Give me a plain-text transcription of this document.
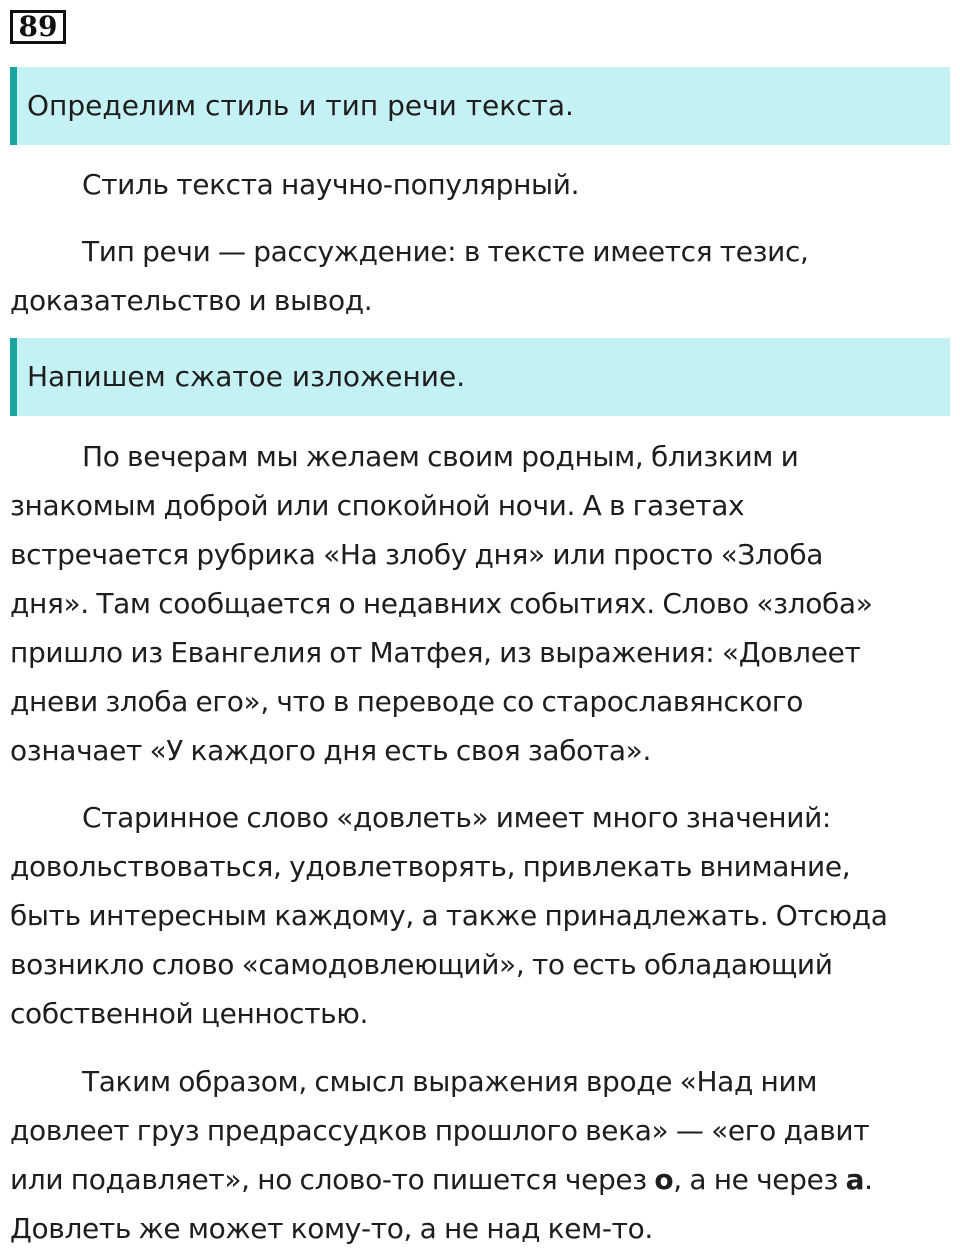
89
Определим стиль и тип речи текста.
Стиль текста научно-популярный.
Тип речи — рассуждение: в тексте имеется тезис,
доказательство и вывод.
Напишем сжатое изложение.
По вечерам мы желаем своим родным, близким и
знакомым доброй или спокойной ночи. А в газетах
встречается рубрика «На злобу дня» или просто «Злоба
дня». Там сообщается о недавних событиях. Слово «злоба»
пришло из Евангелия от Матфея, из выражения: «Довлеет
дневи злоба его», что в переводе со старославянского
означает «У каждого дня есть своя забота».
Старинное слово «довлеть» имеет много значений:
довольствоваться, удовлетворять, привлекать внимание,
быть интересным каждому, а также принадлежать. Отсюда
возникло слово «самодовлеющий», то есть обладающий
собственной ценностью.
Таким образом, смысл выражения вроде «Над ним
довлеет груз предрассудков прошлого века» — «его давит
или подавляет», но слово-то пишется через о, а не через а.
Довлеть же может кому-то, а не над кем-то.
